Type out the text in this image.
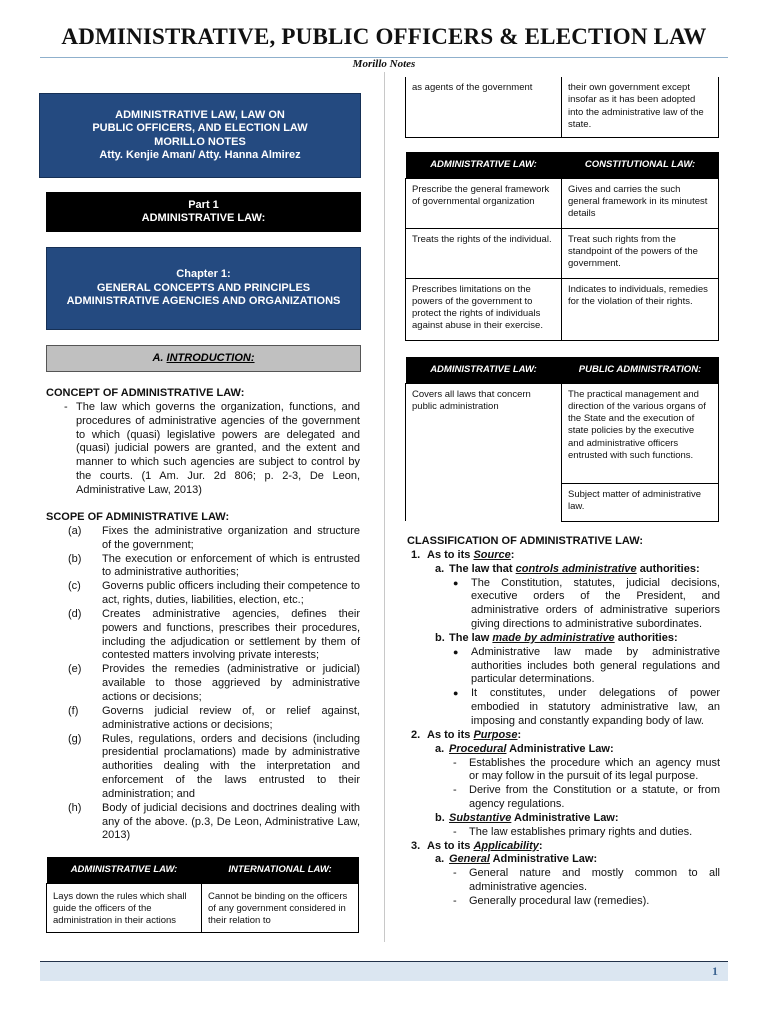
ADMINISTRATIVE, PUBLIC OFFICERS & ELECTION LAW
Morillo Notes
ADMINISTRATIVE LAW, LAW ON
PUBLIC OFFICERS, AND ELECTION LAW
MORILLO NOTES
Atty. Kenjie Aman/ Atty. Hanna Almirez
Part 1
ADMINISTRATIVE LAW:
Chapter 1:
GENERAL CONCEPTS AND PRINCIPLES
ADMINISTRATIVE AGENCIES AND ORGANIZATIONS
A. INTRODUCTION:
CONCEPT OF ADMINISTRATIVE LAW:
- The law which governs the organization, functions, and procedures of administrative agencies of the government to which (quasi) legislative powers are delegated and (quasi) judicial powers are granted, and the extent and manner to which such agencies are subject to control by the courts. (1 Am. Jur. 2d 806; p. 2-3, De Leon, Administrative Law, 2013)
SCOPE OF ADMINISTRATIVE LAW:
(a)	Fixes the administrative organization and structure of the government;
(b)	The execution or enforcement of which is entrusted to administrative authorities;
(c)	Governs public officers including their competence to act, rights, duties, liabilities, election, etc.;
(d)	Creates administrative agencies, defines their powers and functions, prescribes their procedures, including the adjudication or settlement by them of contested matters involving private interests;
(e)	Provides the remedies (administrative or judicial) available to those aggrieved by administrative actions or decisions;
(f)	Governs judicial review of, or relief against, administrative actions or decisions;
(g)	Rules, regulations, orders and decisions (including presidential proclamations) made by administrative authorities dealing with the interpretation and enforcement of the laws entrusted to their administration; and
(h)	Body of judicial decisions and doctrines dealing with any of the above. (p.3, De Leon, Administrative Law, 2013)
ADMINISTRATIVE LAW:	INTERNATIONAL LAW:
Lays down the rules which shall guide the officers of the administration in their actions	Cannot be binding on the officers of any government considered in their relation to
as agents of the government	their own government except insofar as it has been adopted into the administrative law of the state.
ADMINISTRATIVE LAW:	CONSTITUTIONAL LAW:
Prescribe the general framework of governmental organization	Gives and carries the such general framework in its minutest details
Treats the rights of the individual.	Treat such rights from the standpoint of the powers of the government.
Prescribes limitations on the powers of the government to protect the rights of individuals against abuse in their exercise.	Indicates to individuals, remedies for the violation of their rights.
ADMINISTRATIVE LAW:	PUBLIC ADMINISTRATION:
Covers all laws that concern public administration	The practical management and direction of the various organs of the State and the execution of state policies by the executive and administrative officers entrusted with such functions.
	Subject matter of administrative law.
CLASSIFICATION OF ADMINISTRATIVE LAW:
1. As to its Source:
a. The law that controls administrative authorities:
●	The Constitution, statutes, judicial decisions, executive orders of the President, and administrative orders of administrative superiors giving directions to administrative subordinates.
b. The law made by administrative authorities:
●	Administrative law made by administrative authorities includes both general regulations and particular determinations.
●	It constitutes, under delegations of power embodied in statutory administrative law, an imposing and constantly expanding body of law.
2. As to its Purpose:
a. Procedural Administrative Law:
-	Establishes the procedure which an agency must or may follow in the pursuit of its legal purpose.
-	Derive from the Constitution or a statute, or from agency regulations.
b. Substantive Administrative Law:
-	The law establishes primary rights and duties.
3. As to its Applicability:
a. General Administrative Law:
-	General nature and mostly common to all administrative agencies.
-	Generally procedural law (remedies).
1
